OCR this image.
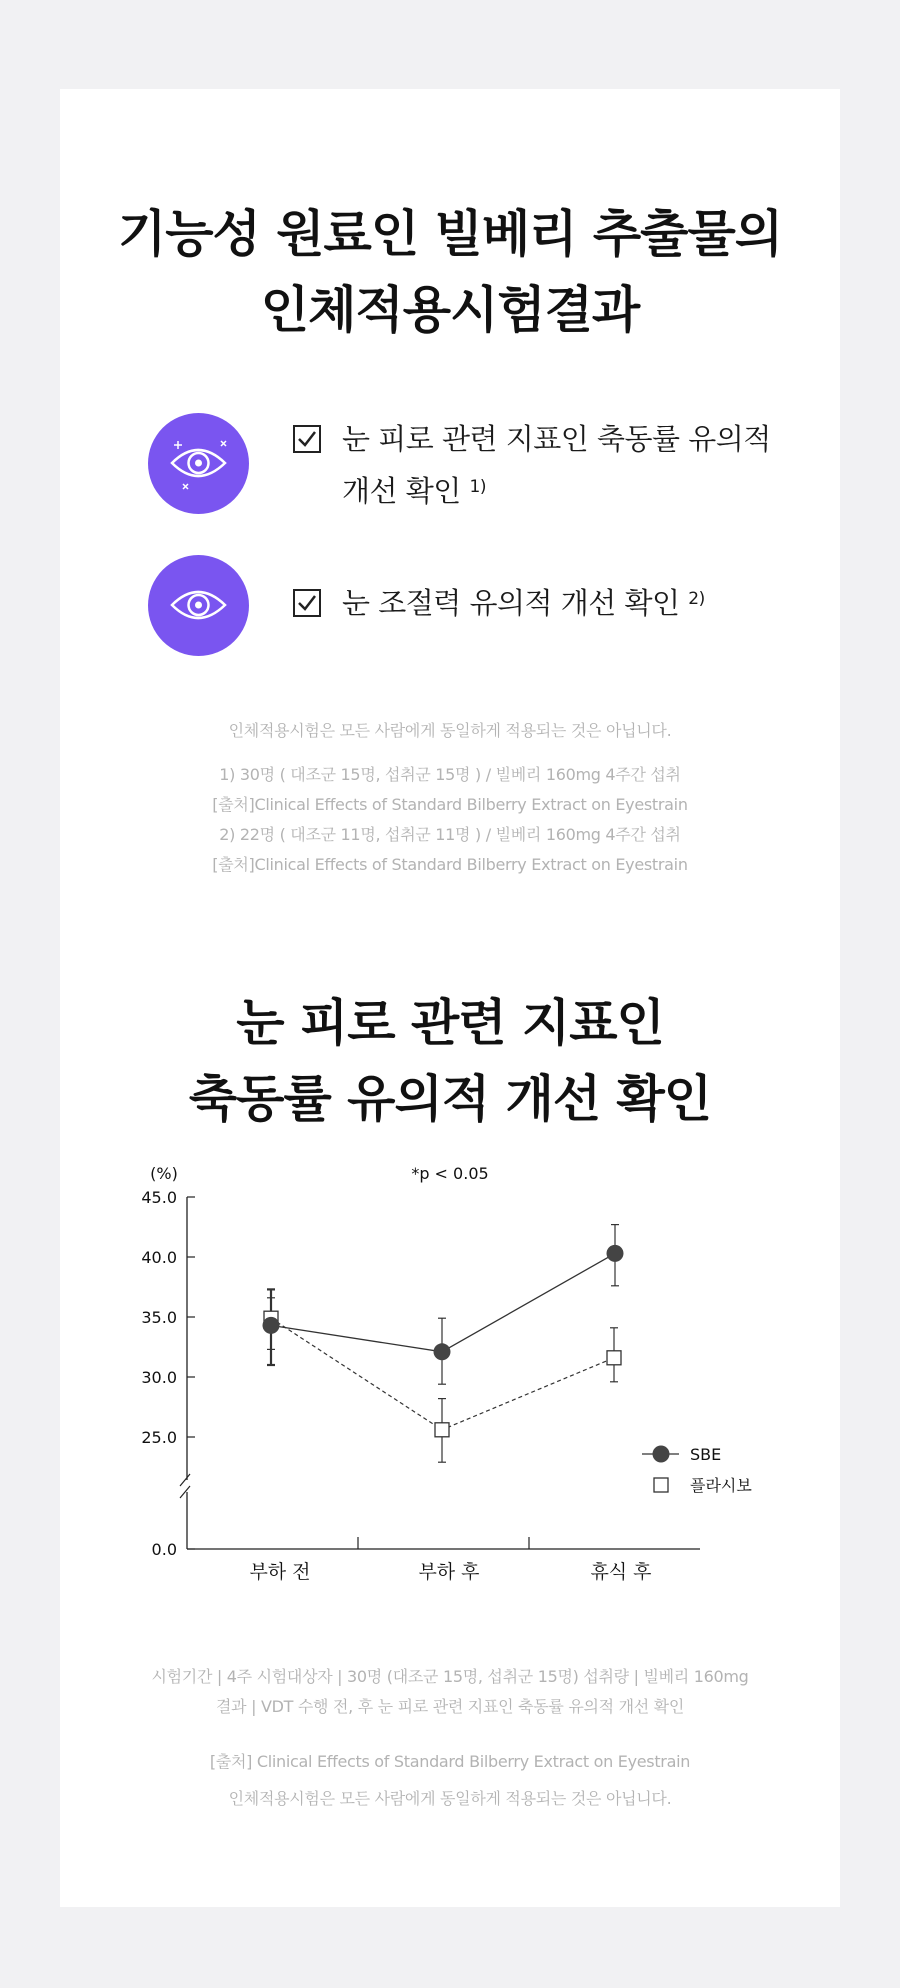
기능성 원료인 빌베리 추출물의
인체적용시험결과
눈 피로 관련 지표인 축동률 유의적
개선 확인 $^{1)}$
눈 조절력 유의적 개선 확인 $^{2)}$
인체적용시험은 모든 사람에게 동일하게 적용되는 것은 아닙니다.
1) 30명 ( 대조군 15명, 섭취군 15명 ) / 빌베리 160mg 4주간 섭취
[출처]Clinical Effects of Standard Bilberry Extract on Eyestrain
2) 22명 ( 대조군 11명, 섭취군 11명 ) / 빌베리 160mg 4주간 섭취
[출처]Clinical Effects of Standard Bilberry Extract on Eyestrain
눈 피로 관련 지표인
축동률 유의적 개선 확인
45.0
40.0
35.0
30.0
25.0
0.0
(%)	*p < 0.05
부하 전	부하 후	휴식 후
SBE
플라시보
시험기간 | 4주 시험대상자 | 30명 (대조군 15명, 섭취군 15명) 섭취량 | 빌베리 160mg
결과 | VDT 수행 전, 후 눈 피로 관련 지표인 축동률 유의적 개선 확인
[출처] Clinical Effects of Standard Bilberry Extract on Eyestrain
인체적용시험은 모든 사람에게 동일하게 적용되는 것은 아닙니다.
